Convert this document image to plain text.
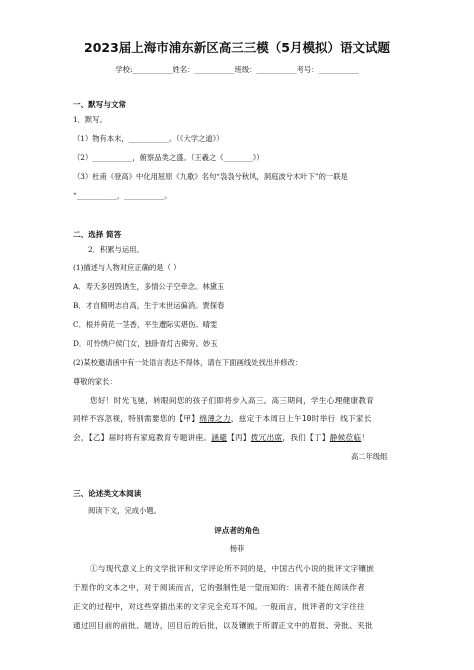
2023届上海市浦东新区高三三模（5月模拟）语文试题
学校:___________姓名：___________班级：___________考号：___________
一、默写与文常
1．默写。
（1）物有本末，___________。（《大学之道》）
（2）___________，俯察品类之盛。（王羲之《________》）
（3）杜甫《登高》中化用屈原《九歌》名句“袅袅兮秋风，洞庭波兮木叶下”的一联是
“___________，___________。
二、选择 简答
2．积累与运用。
(1)描述与人物对应正确的是（ ）
A．寿夭多因毁诱生，多情公子空牵念。林黛玉
B．才自精明志自高，生于末世运偏消。贾探春
C．根并荷花一茎香，平生遭际实堪伤。晴雯
D．可怜绣户侯门女，独卧青灯古佛旁。妙玉
(2)某校邀请函中有一处语言表达不得体，请在下面画线处找出并修改：
尊敬的家长：
您好！时光飞驰，转眼间您的孩子们即将步入高三。高三期间，学生心理健康教育
同样不容忽视，特别需要您的【甲】绵薄之力，兹定于本周日上午10时举行 线下家长
会，【乙】届时将有家庭教育专题讲座。涵避【丙】拨冗出席，我们【丁】静候莅临！
高二年级组
三、论述类文本阅读
阅读下文，完成小题。
评点者的角色
杨菲
①与现代意义上的文学批评和文学评论所不同的是，中国古代小说的批评文字镶嵌
于原作的文本之中，对于阅读而言，它的强制性是一望而知的：读者不能在阅读作者
正文的过程中，对这些穿插出来的文字完全充耳不闻。一般而言，批评者的文字往往
通过回目前的前批、题诗，回目后的后批，以及镶嵌于所谓正文中的眉批、旁批、夹批
